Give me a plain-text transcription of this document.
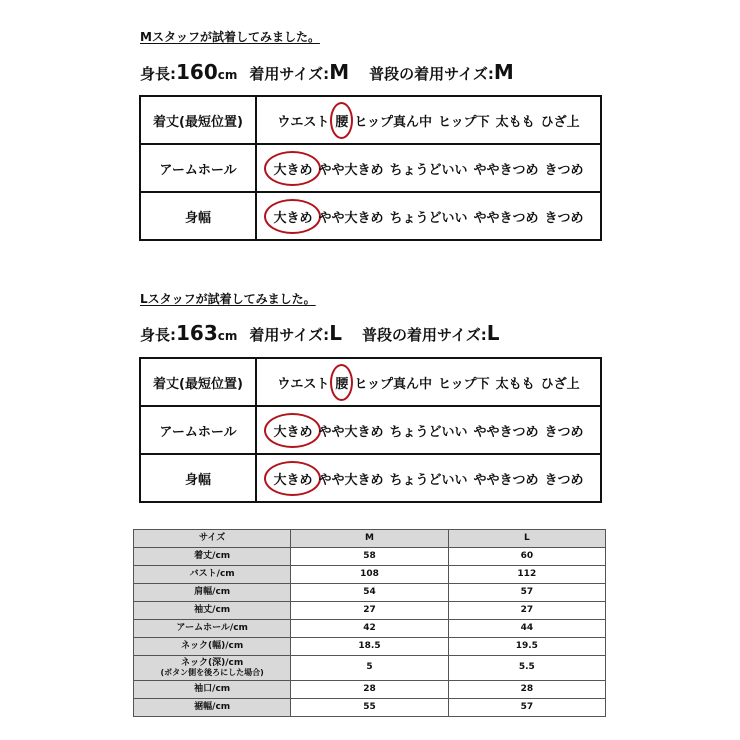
Mスタッフが試着してみました。
身長:160cm 着用サイズ:M 普段の着用サイズ:M
着丈(最短位置)	ウエスト 腰 ヒップ真ん中 ヒップ下 太もも ひざ上
アームホール	大きめ やや大きめ ちょうどいい ややきつめ きつめ
身幅	大きめ やや大きめ ちょうどいい ややきつめ きつめ
Lスタッフが試着してみました。
身長:163cm 着用サイズ:L 普段の着用サイズ:L
着丈(最短位置)	ウエスト 腰 ヒップ真ん中 ヒップ下 太もも ひざ上
アームホール	大きめ やや大きめ ちょうどいい ややきつめ きつめ
身幅	大きめ やや大きめ ちょうどいい ややきつめ きつめ
サイズ	M	L
着丈/cm	58	60
バスト/cm	108	112
肩幅/cm	54	57
袖丈/cm	27	27
アームホール/cm	42	44
ネック(幅)/cm	18.5	19.5

ネック(深)/cm
(ボタン側を後ろにした場合)	5	5.5
袖口/cm	28	28
裾幅/cm	55	57
